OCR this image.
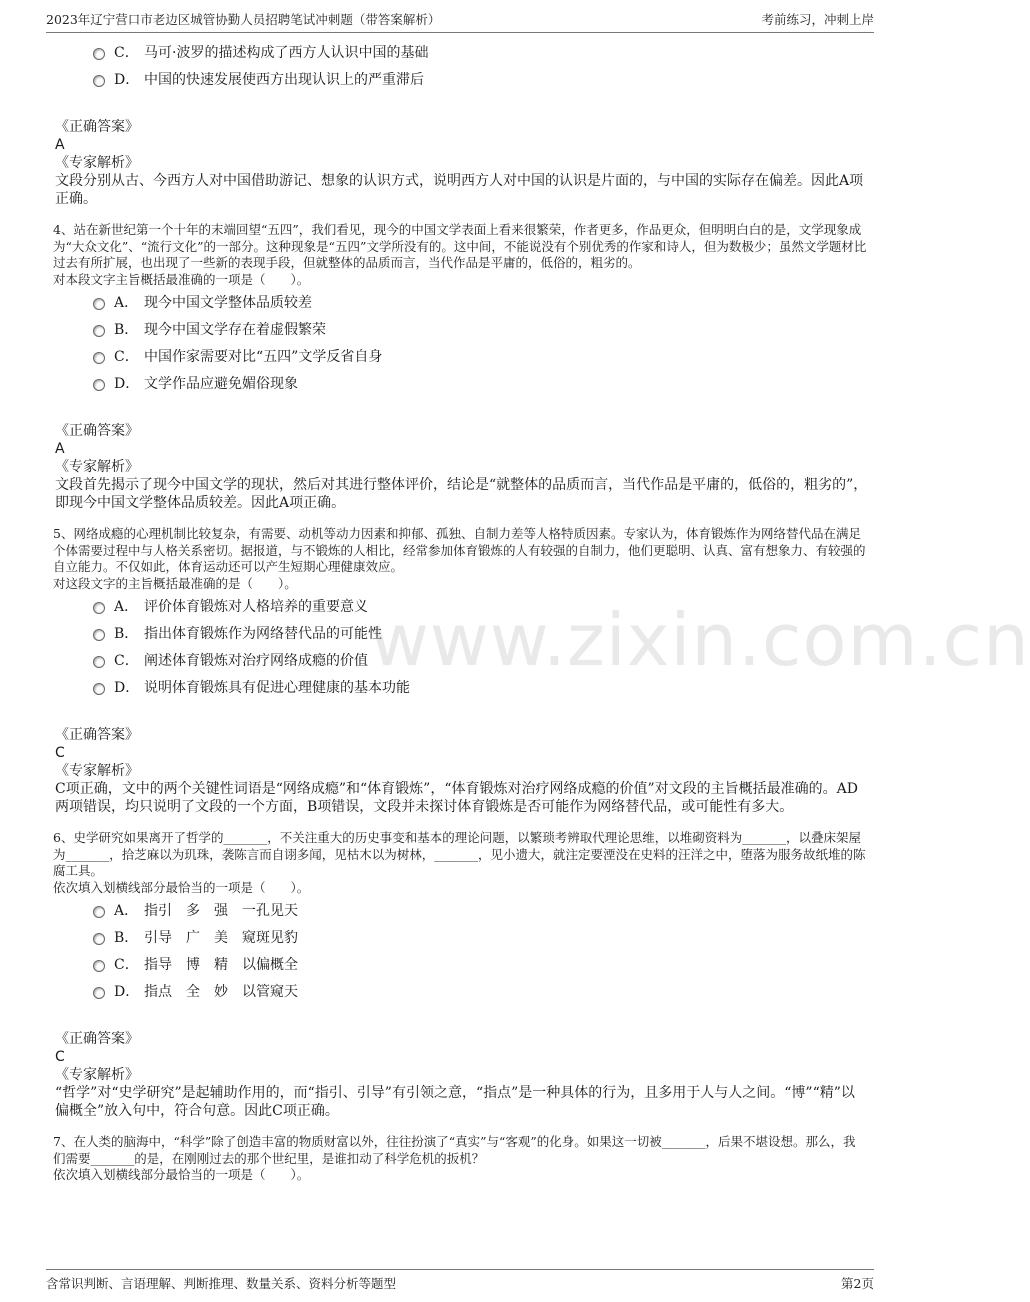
2023年辽宁营口市老边区城管协勤人员招聘笔试冲刺题（带答案解析）	考前练习，冲刺上岸
www.zixin.com.cn
C． 马可·波罗的描述构成了西方人认识中国的基础
D． 中国的快速发展使西方出现认识上的严重滞后
《正确答案》
A
《专家解析》
文段分别从古、今西方人对中国借助游记、想象的认识方式，说明西方人对中国的认识是片面的，与中国的实际存在偏差。因此A项正确。
4、站在新世纪第一个十年的末端回望“五四”，我们看见，现今的中国文学表面上看来很繁荣，作者更多，作品更众，但明明白白的是，文学现象成为“大众文化”、“流行文化”的一部分。这种现象是“五四”文学所没有的。这中间，不能说没有个别优秀的作家和诗人，但为数极少；虽然文学题材比过去有所扩展，也出现了一些新的表现手段，但就整体的品质而言，当代作品是平庸的，低俗的，粗劣的。
对本段文字主旨概括最准确的一项是（　　）。
A． 现今中国文学整体品质较差
B． 现今中国文学存在着虚假繁荣
C． 中国作家需要对比“五四”文学反省自身
D． 文学作品应避免媚俗现象
《正确答案》
A
《专家解析》
文段首先揭示了现今中国文学的现状，然后对其进行整体评价，结论是“就整体的品质而言，当代作品是平庸的，低俗的，粗劣的”，即现今中国文学整体品质较差。因此A项正确。
5、网络成瘾的心理机制比较复杂，有需要、动机等动力因素和抑郁、孤独、自制力差等人格特质因素。专家认为，体育锻炼作为网络替代品在满足个体需要过程中与人格关系密切。据报道，与不锻炼的人相比，经常参加体育锻炼的人有较强的自制力，他们更聪明、认真、富有想象力、有较强的自立能力。不仅如此，体育运动还可以产生短期心理健康效应。
对这段文字的主旨概括最准确的是（　　）。
A． 评价体育锻炼对人格培养的重要意义
B． 指出体育锻炼作为网络替代品的可能性
C． 阐述体育锻炼对治疗网络成瘾的价值
D． 说明体育锻炼具有促进心理健康的基本功能
《正确答案》
C
《专家解析》
C项正确，文中的两个关键性词语是“网络成瘾”和“体育锻炼”，“体育锻炼对治疗网络成瘾的价值”对文段的主旨概括最准确的。AD两项错误，均只说明了文段的一个方面，B项错误，文段并未探讨体育锻炼是否可能作为网络替代品，或可能性有多大。
6、史学研究如果离开了哲学的_______，不关注重大的历史事变和基本的理论问题，以繁琐考辨取代理论思维，以堆砌资料为_______，以叠床架屋为_______，拾芝麻以为玑珠，袭陈言而自诩多闻，见枯木以为树林，_______，见小遗大，就注定要湮没在史料的汪洋之中，堕落为服务故纸堆的陈腐工具。
依次填入划横线部分最恰当的一项是（　　）。
A． 指引　多　强　一孔见天
B． 引导　广　美　窥斑见豹
C． 指导　博　精　以偏概全
D． 指点　全　妙　以管窥天
《正确答案》
C
《专家解析》
“哲学”对“史学研究”是起辅助作用的，而“指引、引导”有引领之意，“指点”是一种具体的行为，且多用于人与人之间。“博”“精”以偏概全”放入句中，符合句意。因此C项正确。
7、在人类的脑海中，“科学”除了创造丰富的物质财富以外，往往扮演了“真实”与“客观”的化身。如果这一切被_______，后果不堪设想。那么，我们需要_______的是，在刚刚过去的那个世纪里，是谁扣动了科学危机的扳机？
依次填入划横线部分最恰当的一项是（　　）。
含常识判断、言语理解、判断推理、数量关系、资料分析等题型	第2页
